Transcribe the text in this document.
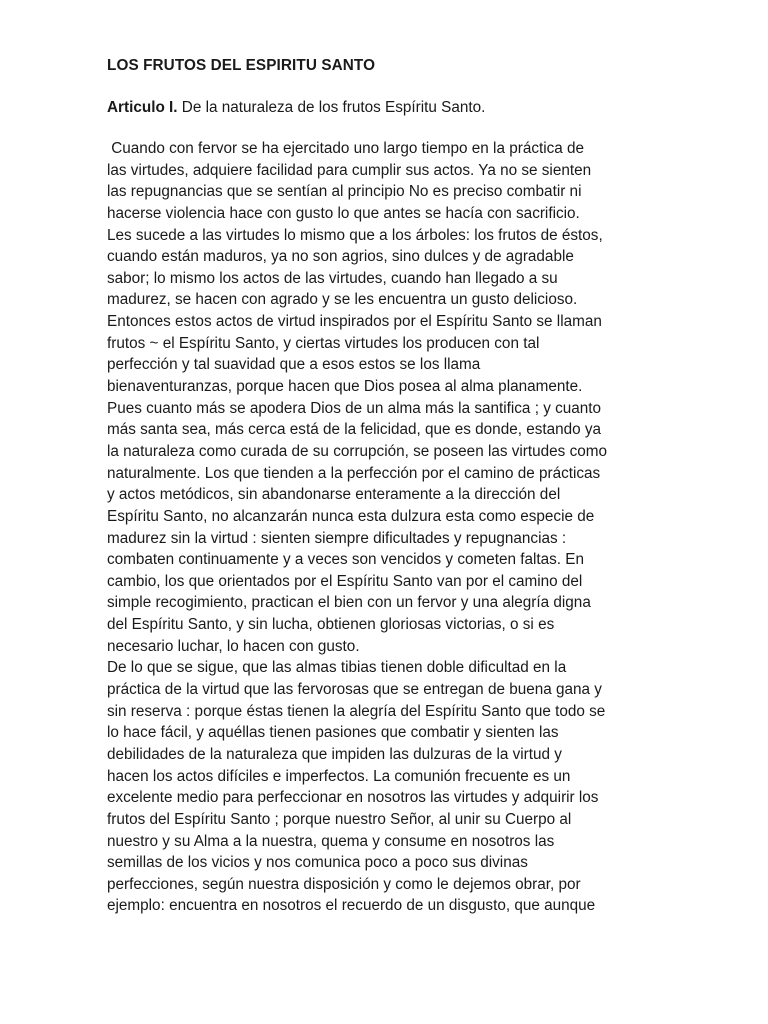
LOS FRUTOS DEL ESPIRITU SANTO
Articulo I. De la naturaleza de los frutos Espíritu Santo.
Cuando con fervor se ha ejercitado uno largo tiempo en la práctica de
las virtudes, adquiere facilidad para cumplir sus actos. Ya no se sienten
las repugnancias que se sentían al principio No es preciso combatir ni
hacerse violencia hace con gusto lo que antes se hacía con sacrificio.
Les sucede a las virtudes lo mismo que a los árboles: los frutos de éstos,
cuando están maduros, ya no son agrios, sino dulces y de agradable
sabor; lo mismo los actos de las virtudes, cuando han llegado a su
madurez, se hacen con agrado y se les encuentra un gusto delicioso.
Entonces estos actos de virtud inspirados por el Espíritu Santo se llaman
frutos ~ el Espíritu Santo, y ciertas virtudes los producen con tal
perfección y tal suavidad que a esos estos se los llama
bienaventuranzas, porque hacen que Dios posea al alma planamente.
Pues cuanto más se apodera Dios de un alma más la santifica ; y cuanto
más santa sea, más cerca está de la felicidad, que es donde, estando ya
la naturaleza como curada de su corrupción, se poseen las virtudes como
naturalmente. Los que tienden a la perfección por el camino de prácticas
y actos metódicos, sin abandonarse enteramente a la dirección del
Espíritu Santo, no alcanzarán nunca esta dulzura esta como especie de
madurez sin la virtud : sienten siempre dificultades y repugnancias :
combaten continuamente y a veces son vencidos y cometen faltas. En
cambio, los que orientados por el Espíritu Santo van por el camino del
simple recogimiento, practican el bien con un fervor y una alegría digna
del Espíritu Santo, y sin lucha, obtienen gloriosas victorias, o si es
necesario luchar, lo hacen con gusto.
De lo que se sigue, que las almas tibias tienen doble dificultad en la
práctica de la virtud que las fervorosas que se entregan de buena gana y
sin reserva : porque éstas tienen la alegría del Espíritu Santo que todo se
lo hace fácil, y aquéllas tienen pasiones que combatir y sienten las
debilidades de la naturaleza que impiden las dulzuras de la virtud y
hacen los actos difíciles e imperfectos. La comunión frecuente es un
excelente medio para perfeccionar en nosotros las virtudes y adquirir los
frutos del Espíritu Santo ; porque nuestro Señor, al unir su Cuerpo al
nuestro y su Alma a la nuestra, quema y consume en nosotros las
semillas de los vicios y nos comunica poco a poco sus divinas
perfecciones, según nuestra disposición y como le dejemos obrar, por
ejemplo: encuentra en nosotros el recuerdo de un disgusto, que aunque
